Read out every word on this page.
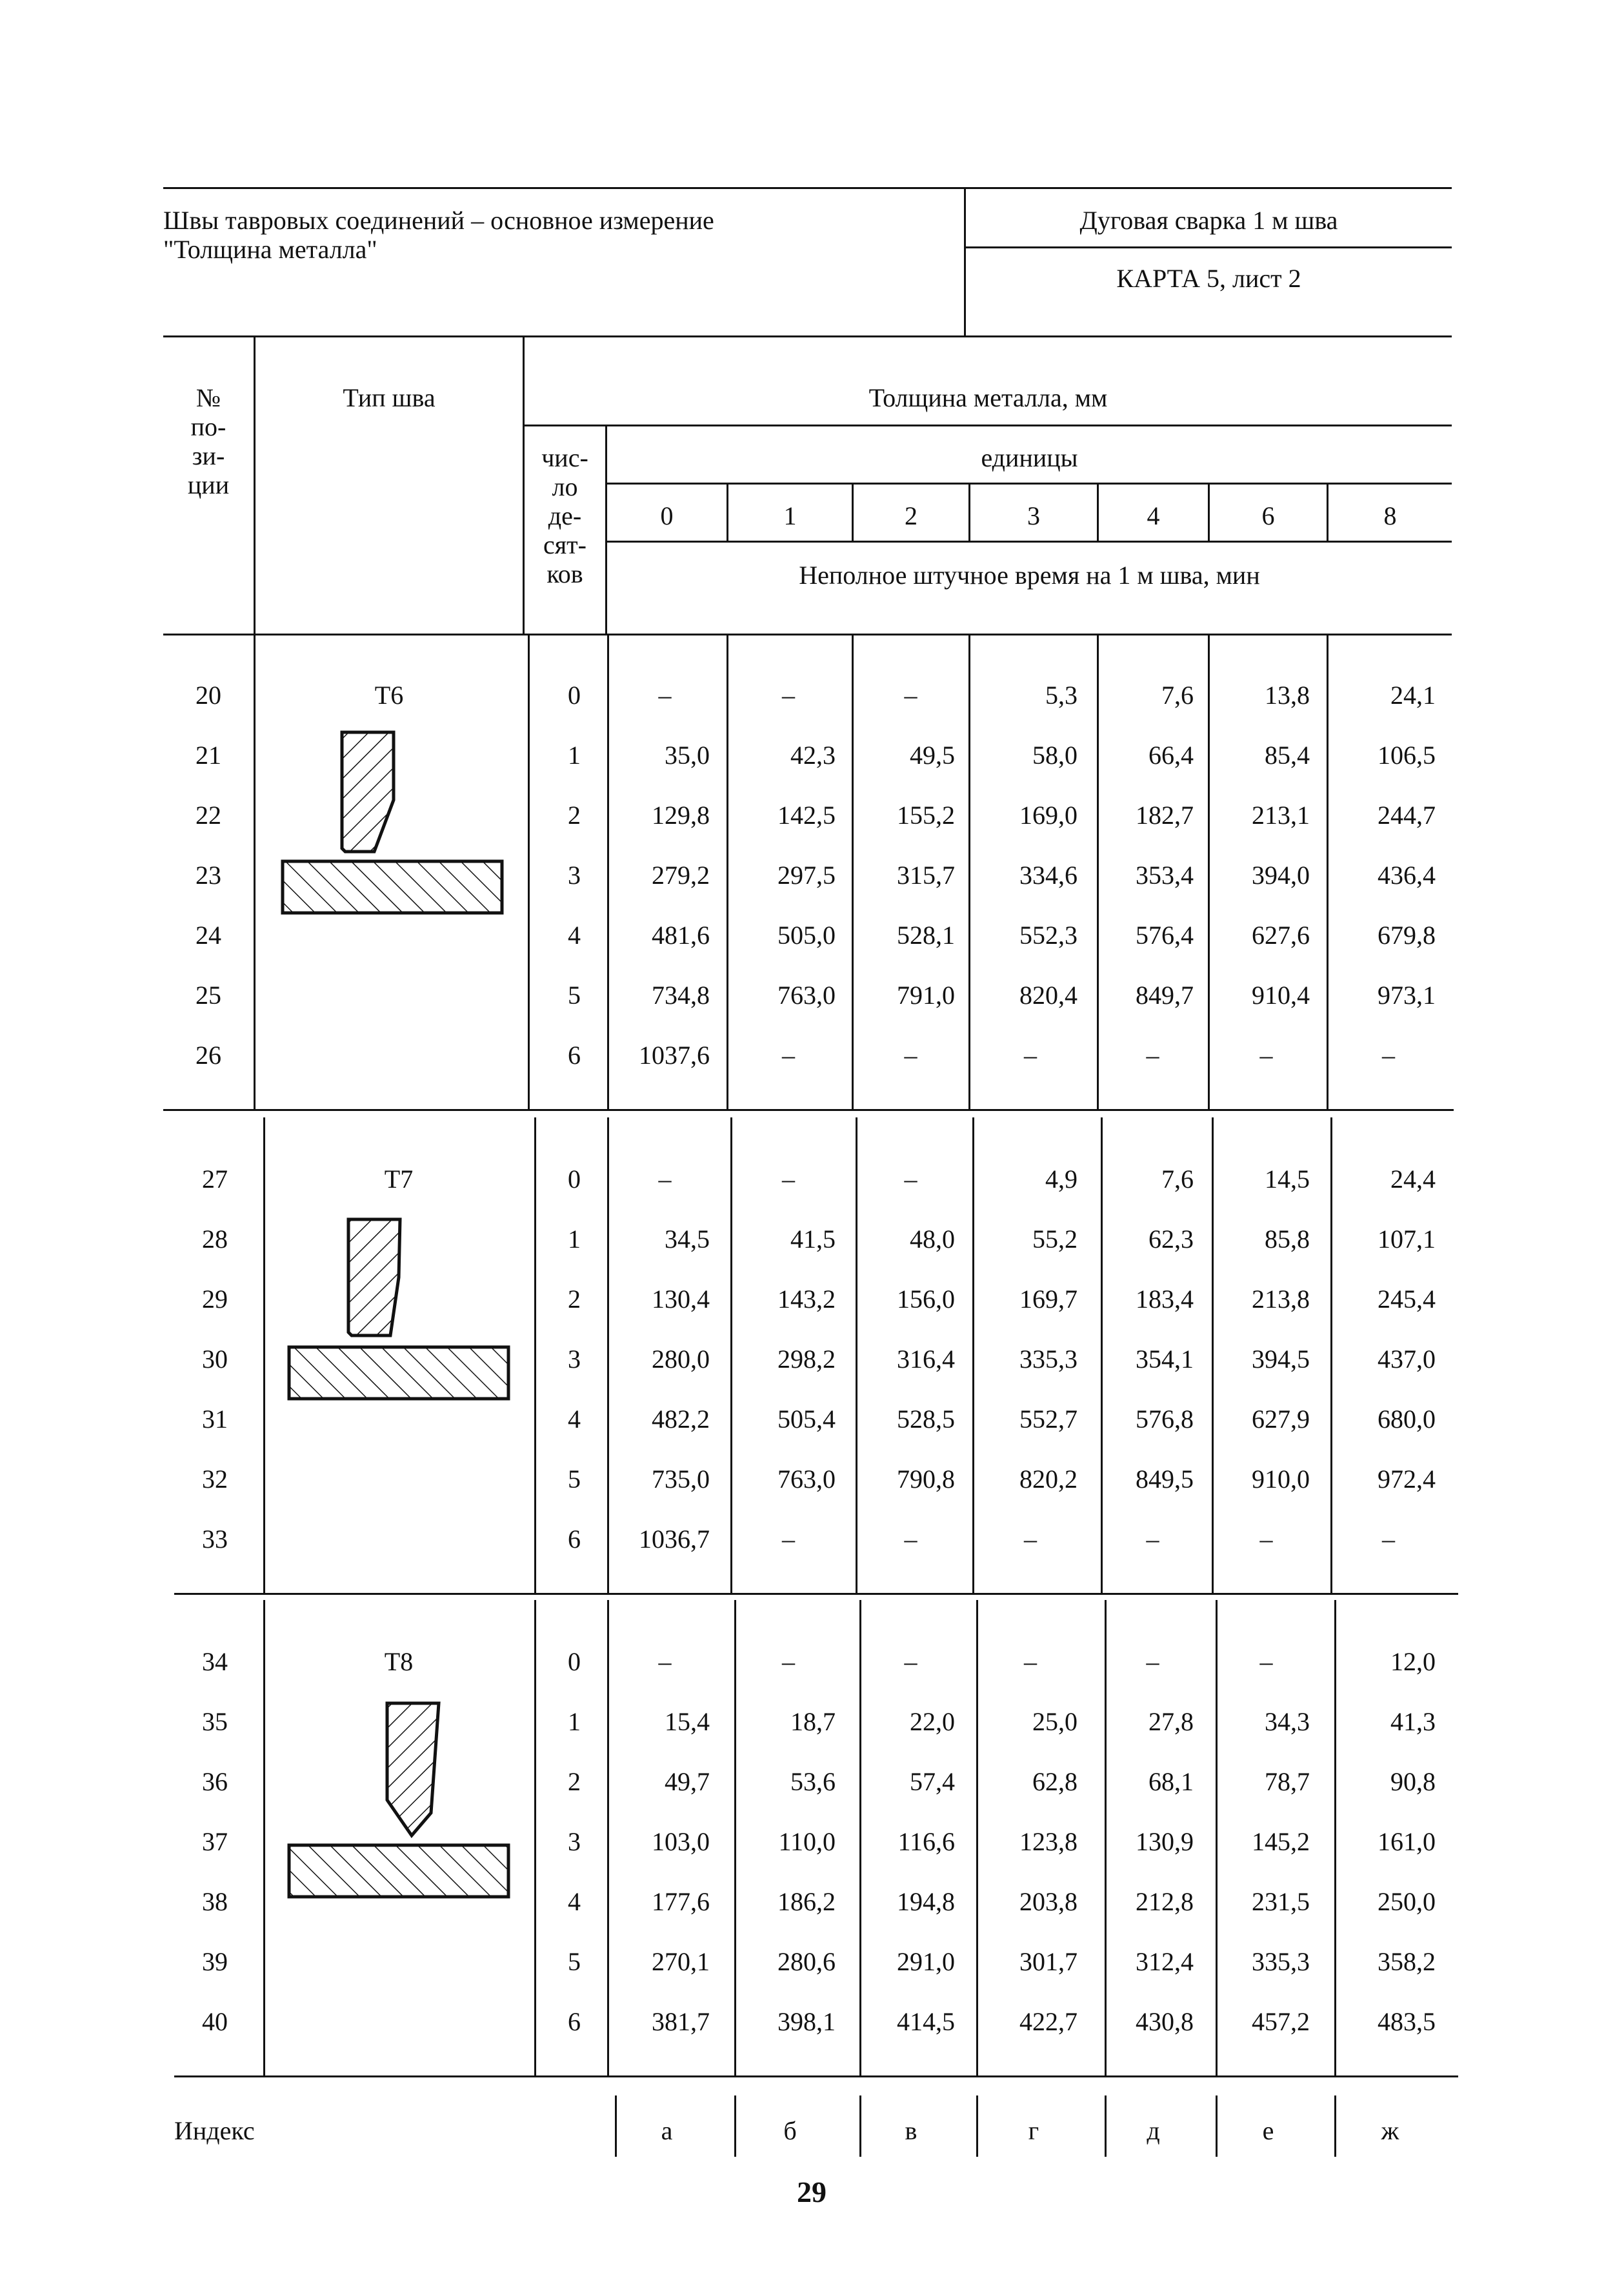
Швы тавровых соединений – основное измерение
"Толщина металла"
Дуговая сварка 1 м шва
КАРТА 5, лист 2
№
по-
зи-
ции
Тип шва	Толщина металла, мм
чис-
ло
де-
сят-
ков
единицы
0	1	2	3	4	6	8
Неполное штучное время на 1 м шва, мин
Т6
20	0	–	–	–	5,3	7,6	13,8	24,1
21	1	35,0	42,3	49,5	58,0	66,4	85,4	106,5
22	2	129,8	142,5	155,2	169,0	182,7	213,1	244,7
23	3	279,2	297,5	315,7	334,6	353,4	394,0	436,4
24	4	481,6	505,0	528,1	552,3	576,4	627,6	679,8
25	5	734,8	763,0	791,0	820,4	849,7	910,4	973,1
26	6	1037,6	–	–	–	–	–	–
Т7
27	0	–	–	–	4,9	7,6	14,5	24,4
28	1	34,5	41,5	48,0	55,2	62,3	85,8	107,1
29	2	130,4	143,2	156,0	169,7	183,4	213,8	245,4
30	3	280,0	298,2	316,4	335,3	354,1	394,5	437,0
31	4	482,2	505,4	528,5	552,7	576,8	627,9	680,0
32	5	735,0	763,0	790,8	820,2	849,5	910,0	972,4
33	6	1036,7	–	–	–	–	–	–
Т8
34	0	–	–	–	–	–	–	12,0
35	1	15,4	18,7	22,0	25,0	27,8	34,3	41,3
36	2	49,7	53,6	57,4	62,8	68,1	78,7	90,8
37	3	103,0	110,0	116,6	123,8	130,9	145,2	161,0
38	4	177,6	186,2	194,8	203,8	212,8	231,5	250,0
39	5	270,1	280,6	291,0	301,7	312,4	335,3	358,2
40	6	381,7	398,1	414,5	422,7	430,8	457,2	483,5
Индекс	а	б	в	г	д	е	ж
29
